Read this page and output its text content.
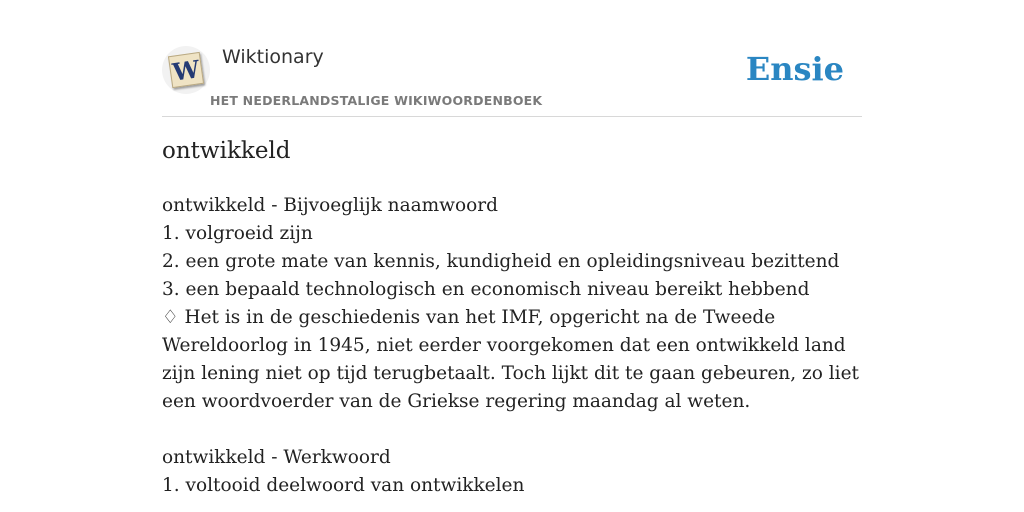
W Wiktionary
HET NEDERLANDSTALIGE WIKIWOORDENBOEK
Ensie
ontwikkeld
ontwikkeld - Bijvoeglijk naamwoord
1. volgroeid zijn
2. een grote mate van kennis, kundigheid en opleidingsniveau bezittend
3. een bepaald technologisch en economisch niveau bereikt hebbend
♢ Het is in de geschiedenis van het IMF, opgericht na de Tweede Wereldoorlog in 1945, niet eerder voorgekomen dat een ontwikkeld land zijn lening niet op tijd terugbetaalt. Toch lijkt dit te gaan gebeuren, zo liet een woordvoerder van de Griekse regering maandag al weten.
ontwikkeld - Werkwoord
1. voltooid deelwoord van ontwikkelen
